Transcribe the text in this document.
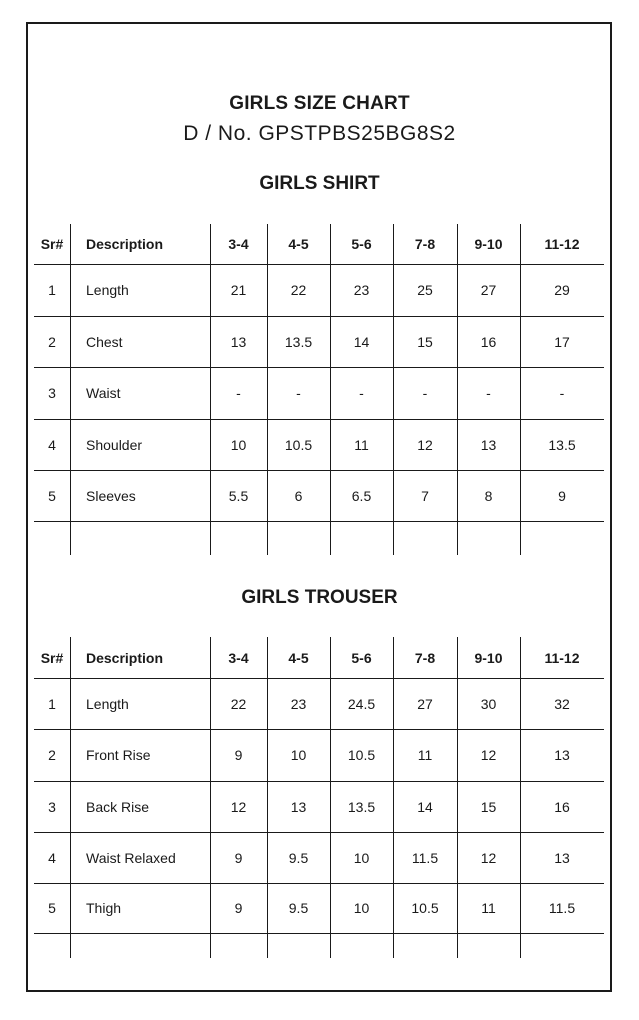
GIRLS SIZE CHART
D / No. GPSTPBS25BG8S2
GIRLS SHIRT
GIRLS TROUSER
Sr#	Description	3-4	4-5	5-6	7-8	9-10	11-12
1	Length	21	22	23	25	27	29
2	Chest	13	13.5	14	15	16	17
3	Waist	-	-	-	-	-	-
4	Shoulder	10	10.5	11	12	13	13.5
5	Sleeves	5.5	6	6.5	7	8	9
Sr#	Description	3-4	4-5	5-6	7-8	9-10	11-12
1	Length	22	23	24.5	27	30	32
2	Front Rise	9	10	10.5	11	12	13
3	Back Rise	12	13	13.5	14	15	16
4	Waist Relaxed	9	9.5	10	11.5	12	13
5	Thigh	9	9.5	10	10.5	11	11.5
